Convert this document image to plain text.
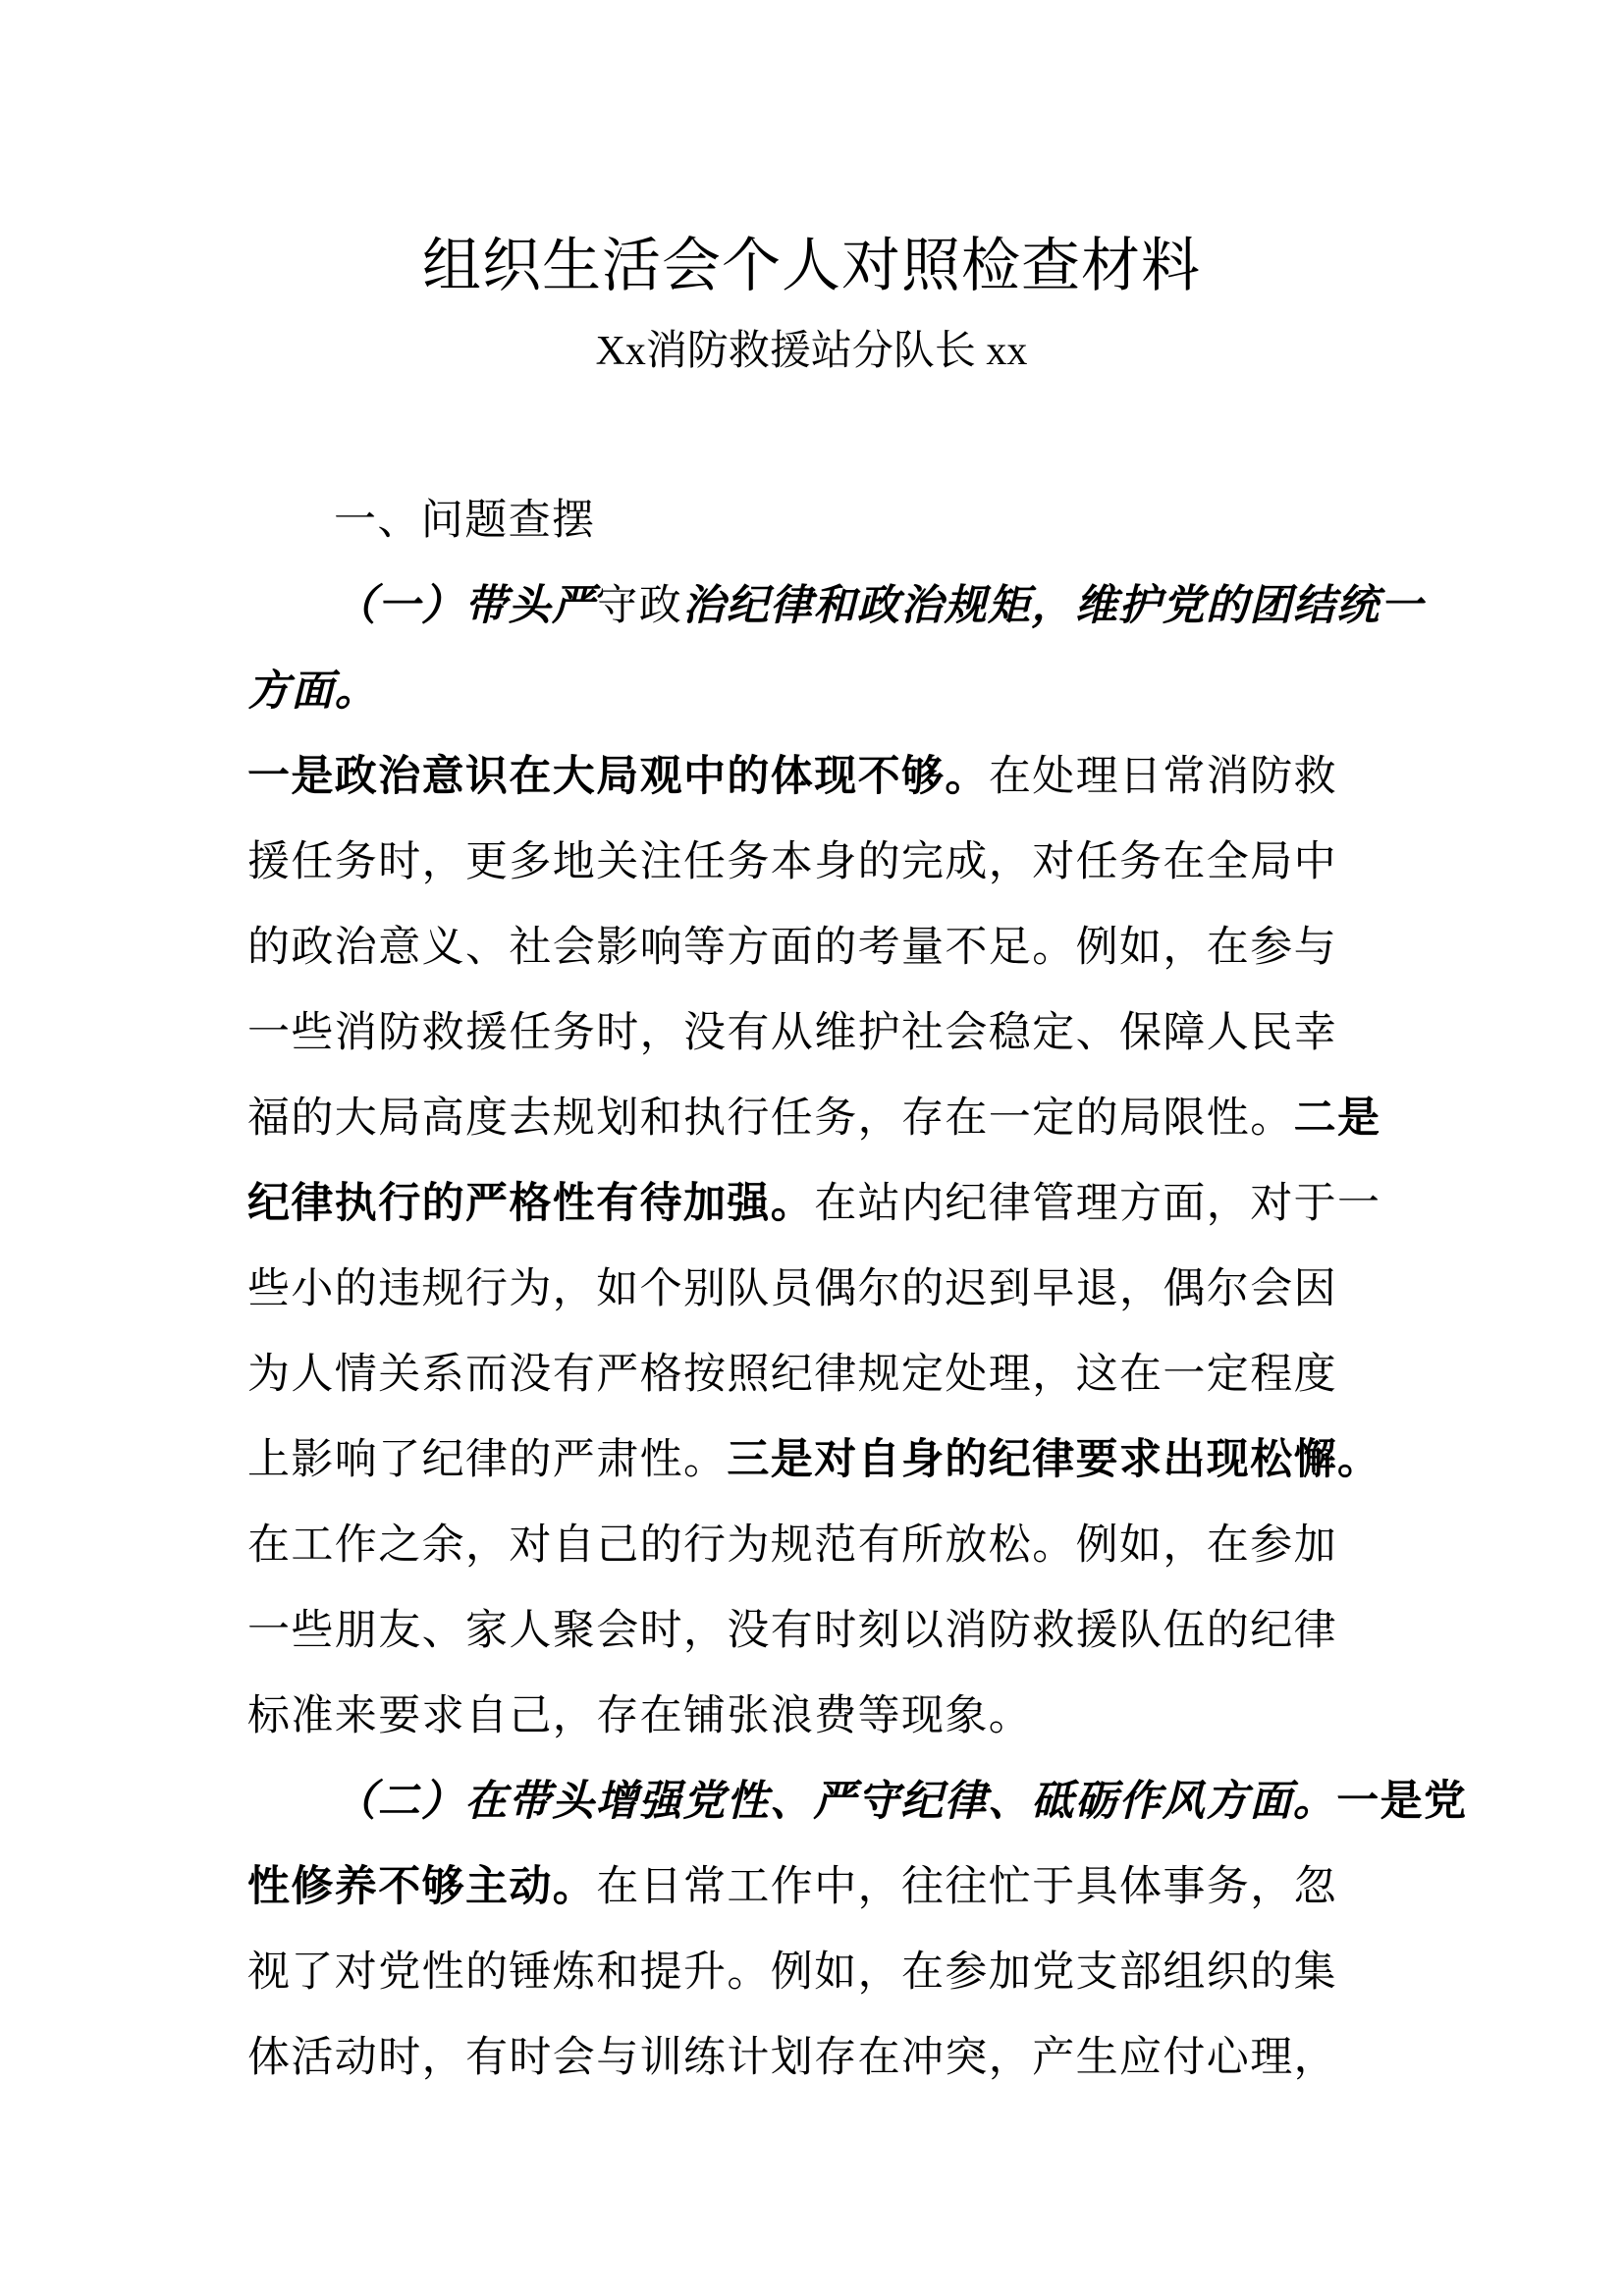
组织生活会个人对照检查材料
Xx消防救援站分队长 xx
一、问题查摆
（一）带头严守政治纪律和政治规矩，维护党的团结统一
方面。
一是政治意识在大局观中的体现不够。在处理日常消防救
援任务时，更多地关注任务本身的完成，对任务在全局中
的政治意义、社会影响等方面的考量不足。例如，在参与
一些消防救援任务时，没有从维护社会稳定、保障人民幸
福的大局高度去规划和执行任务，存在一定的局限性。二是
纪律执行的严格性有待加强。在站内纪律管理方面，对于一
些小的违规行为，如个别队员偶尔的迟到早退，偶尔会因
为人情关系而没有严格按照纪律规定处理，这在一定程度
上影响了纪律的严肃性。三是对自身的纪律要求出现松懈。
在工作之余，对自己的行为规范有所放松。例如，在参加
一些朋友、家人聚会时，没有时刻以消防救援队伍的纪律
标准来要求自己，存在铺张浪费等现象。
（二）在带头增强党性、严守纪律、砥砺作风方面。一是党
性修养不够主动。在日常工作中，往往忙于具体事务，忽
视了对党性的锤炼和提升。例如，在参加党支部组织的集
体活动时，有时会与训练计划存在冲突，产生应付心理，
